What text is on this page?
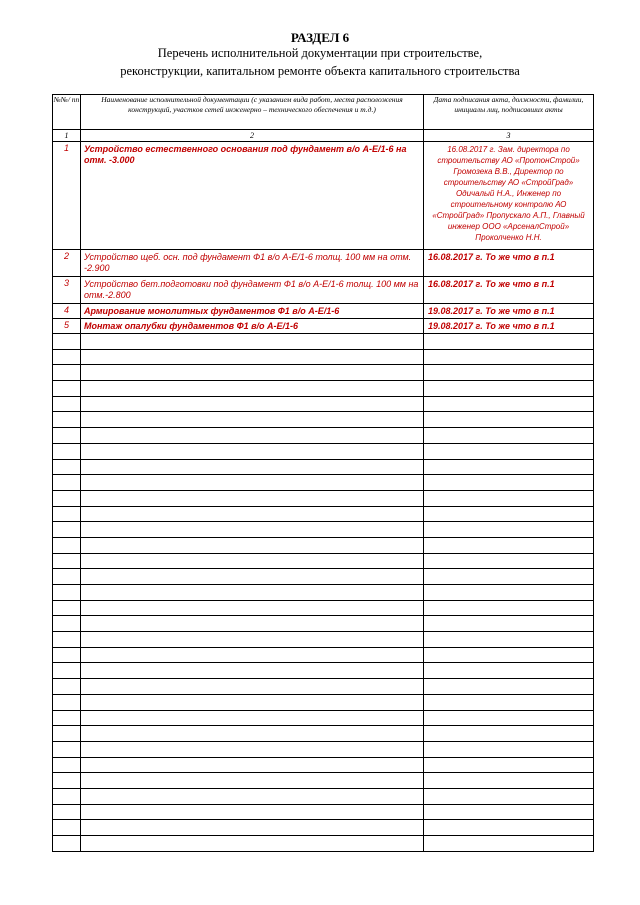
РАЗДЕЛ 6
Перечень исполнительной документации при строительстве,
реконструкции, капитальном ремонте объекта капитального строительства
№№/ пп	Наименование исполнительной документации (с указанием вида работ, места расположения конструкций, участков сетей инженерно – технического обеспечения и т.д.)	Дата подписания акта, должности, фамилии, инициалы лиц, подписавших акты
1	2	3
1	Устройство естественного основания под фундамент в/о А-Е/1-6 на отм. -3.000	16.08.2017 г. Зам. директора по строительству АО «ПротонСтрой» Громозека В.В., Директор по строительству АО «СтройГрад» Одичалый Н.А., Инженер по строительному контролю АО «СтройГрад» Пропускало А.П., Главный инженер ООО «АрсеналСтрой» Проколченко Н.Н.
2	Устройство щеб. осн. под фундамент Ф1 в/о А-Е/1-6 толщ. 100 мм на отм. -2.900	16.08.2017 г. То же что в п.1
3	Устройство бет.подготовки под фундамент Ф1 в/о А-Е/1-6 толщ. 100 мм на отм.-2.800	16.08.2017 г. То же что в п.1
4	Армирование монолитных фундаментов Ф1 в/о А-Е/1-6	19.08.2017 г. То же что в п.1
5	Монтаж опалубки фундаментов Ф1 в/о А-Е/1-6	19.08.2017 г. То же что в п.1
